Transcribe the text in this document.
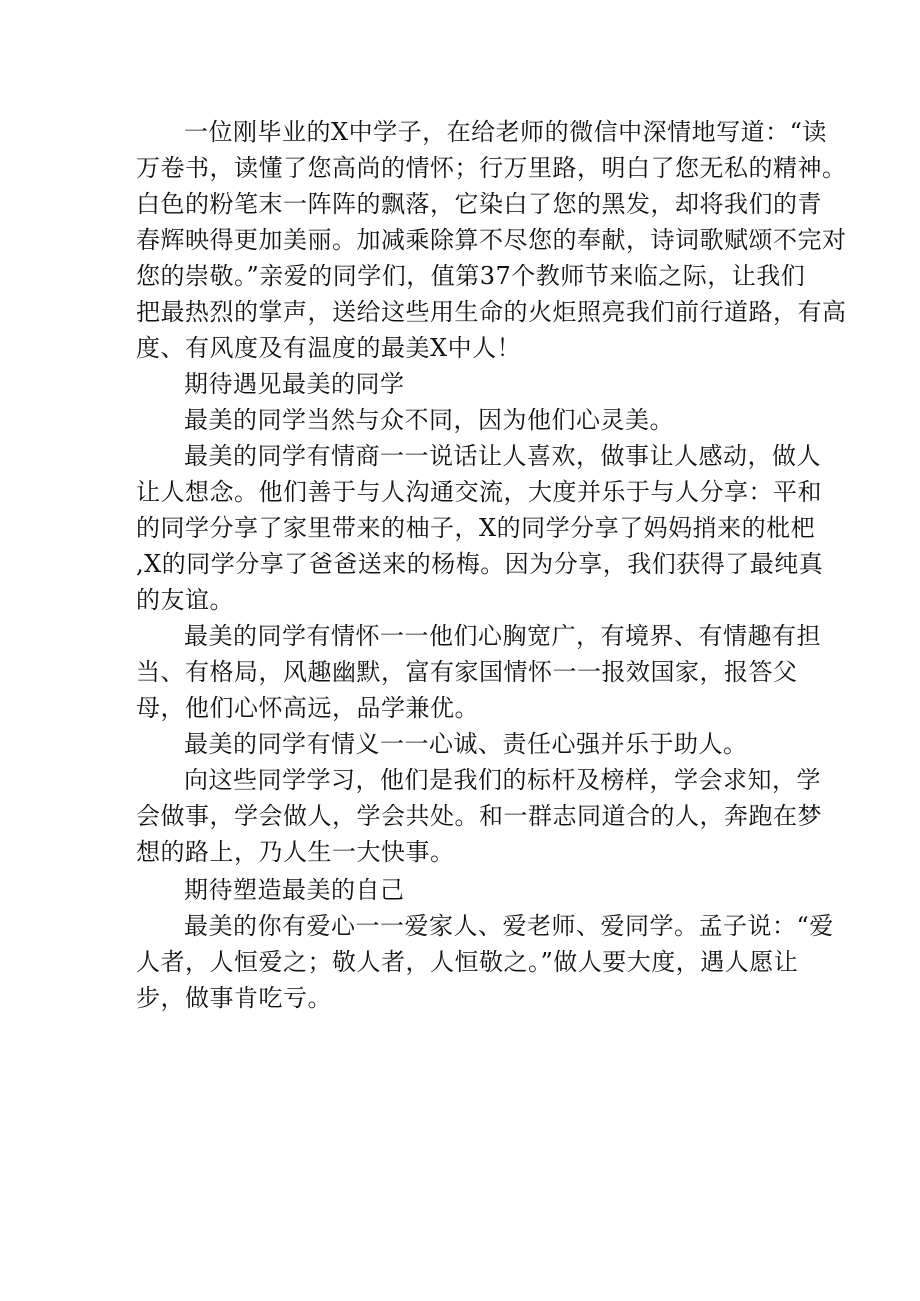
一位刚毕业的X中学子，在给老师的微信中深情地写道：“读
万卷书，读懂了您高尚的情怀；行万里路，明白了您无私的精神。
白色的粉笔末一阵阵的飘落，它染白了您的黑发，却将我们的青
春辉映得更加美丽。加减乘除算不尽您的奉献，诗词歌赋颂不完对
您的崇敬。”亲爱的同学们，值第37个教师节来临之际，让我们
把最热烈的掌声，送给这些用生命的火炬照亮我们前行道路，有高
度、有风度及有温度的最美X中人！
期待遇见最美的同学
最美的同学当然与众不同，因为他们心灵美。
最美的同学有情商一一说话让人喜欢，做事让人感动，做人
让人想念。他们善于与人沟通交流，大度并乐于与人分享：平和
的同学分享了家里带来的柚子，X的同学分享了妈妈捎来的枇杷
,X的同学分享了爸爸送来的杨梅。因为分享，我们获得了最纯真
的友谊。
最美的同学有情怀一一他们心胸宽广，有境界、有情趣有担
当、有格局，风趣幽默，富有家国情怀一一报效国家，报答父
母，他们心怀高远，品学兼优。
最美的同学有情义一一心诚、责任心强并乐于助人。
向这些同学学习，他们是我们的标杆及榜样，学会求知，学
会做事，学会做人，学会共处。和一群志同道合的人，奔跑在梦
想的路上，乃人生一大快事。
期待塑造最美的自己
最美的你有爱心一一爱家人、爱老师、爱同学。孟子说：“爱
人者，人恒爱之；敬人者，人恒敬之。”做人要大度，遇人愿让
步，做事肯吃亏。
